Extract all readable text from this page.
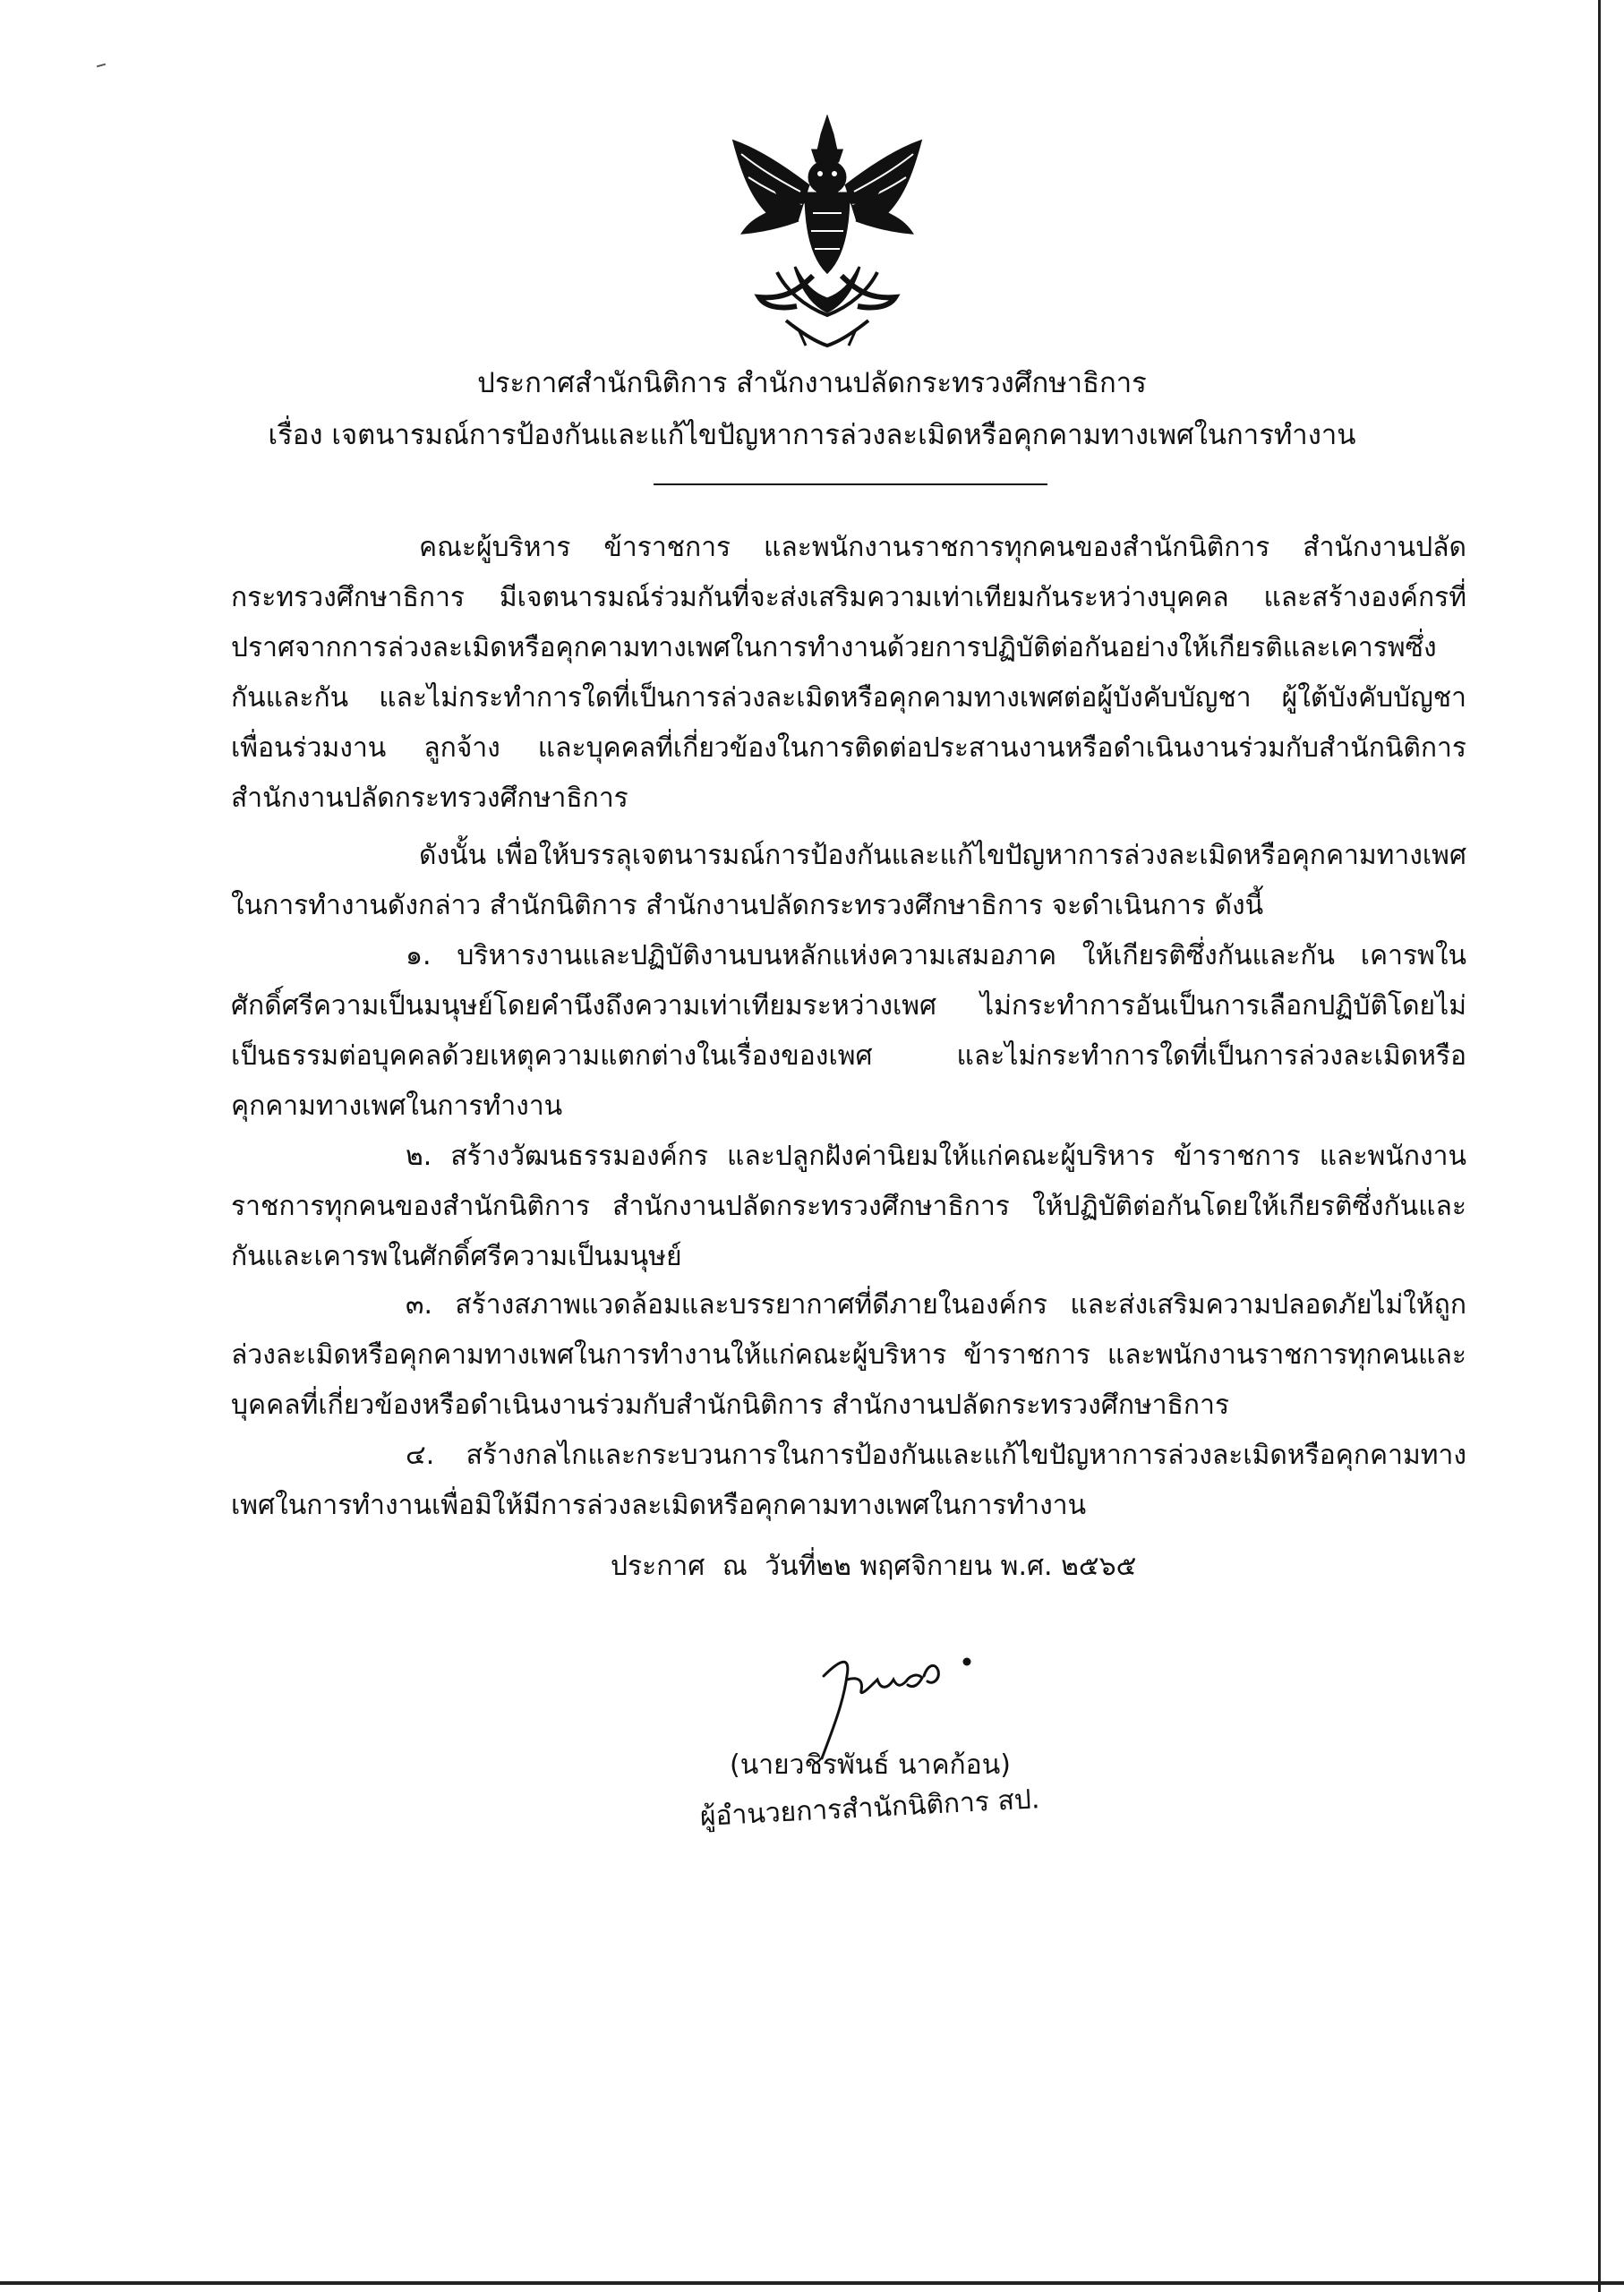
ประกาศสำนักนิติการ สำนักงานปลัดกระทรวงศึกษาธิการ
เรื่อง เจตนารมณ์การป้องกันและแก้ไขปัญหาการล่วงละเมิดหรือคุกคามทางเพศในการทำงาน
คณะผู้บริหาร ข้าราชการ และพนักงานราชการทุกคนของสำนักนิติการ สำนักงานปลัดกระทรวงศึกษาธิการ มีเจตนารมณ์ร่วมกันที่จะส่งเสริมความเท่าเทียมกันระหว่างบุคคล และสร้างองค์กรที่ปราศจากการล่วงละเมิดหรือคุกคามทางเพศในการทำงานด้วยการปฏิบัติต่อกันอย่างให้เกียรติและเคารพซึ่งกันและกัน และไม่กระทำการใดที่เป็นการล่วงละเมิดหรือคุกคามทางเพศต่อผู้บังคับบัญชา ผู้ใต้บังคับบัญชา เพื่อนร่วมงาน ลูกจ้าง และบุคคลที่เกี่ยวข้องในการติดต่อประสานงานหรือดำเนินงานร่วมกับสำนักนิติการ สำนักงานปลัดกระทรวงศึกษาธิการ
ดังนั้น เพื่อให้บรรลุเจตนารมณ์การป้องกันและแก้ไขปัญหาการล่วงละเมิดหรือคุกคามทางเพศในการทำงานดังกล่าว สำนักนิติการ สำนักงานปลัดกระทรวงศึกษาธิการ จะดำเนินการ ดังนี้
๑. บริหารงานและปฏิบัติงานบนหลักแห่งความเสมอภาค ให้เกียรติซึ่งกันและกัน เคารพในศักดิ์ศรีความเป็นมนุษย์โดยคำนึงถึงความเท่าเทียมระหว่างเพศ ไม่กระทำการอันเป็นการเลือกปฏิบัติโดยไม่เป็นธรรมต่อบุคคลด้วยเหตุความแตกต่างในเรื่องของเพศ และไม่กระทำการใดที่เป็นการล่วงละเมิดหรือคุกคามทางเพศในการทำงาน
๒. สร้างวัฒนธรรมองค์กร และปลูกฝังค่านิยมให้แก่คณะผู้บริหาร ข้าราชการ และพนักงานราชการทุกคนของสำนักนิติการ สำนักงานปลัดกระทรวงศึกษาธิการ ให้ปฏิบัติต่อกันโดยให้เกียรติซึ่งกันและกันและเคารพในศักดิ์ศรีความเป็นมนุษย์
๓. สร้างสภาพแวดล้อมและบรรยากาศที่ดีภายในองค์กร และส่งเสริมความปลอดภัยไม่ให้ถูกล่วงละเมิดหรือคุกคามทางเพศในการทำงานให้แก่คณะผู้บริหาร ข้าราชการ และพนักงานราชการทุกคนและบุคคลที่เกี่ยวข้องหรือดำเนินงานร่วมกับสำนักนิติการ สำนักงานปลัดกระทรวงศึกษาธิการ
๔. สร้างกลไกและกระบวนการในการป้องกันและแก้ไขปัญหาการล่วงละเมิดหรือคุกคามทางเพศในการทำงานเพื่อมิให้มีการล่วงละเมิดหรือคุกคามทางเพศในการทำงาน
ประกาศ ณ วันที่๒๒ พฤศจิกายน พ.ศ. ๒๕๖๕
(นายวชิรพันธ์ นาคก้อน)
ผู้อำนวยการสำนักนิติการ สป.
